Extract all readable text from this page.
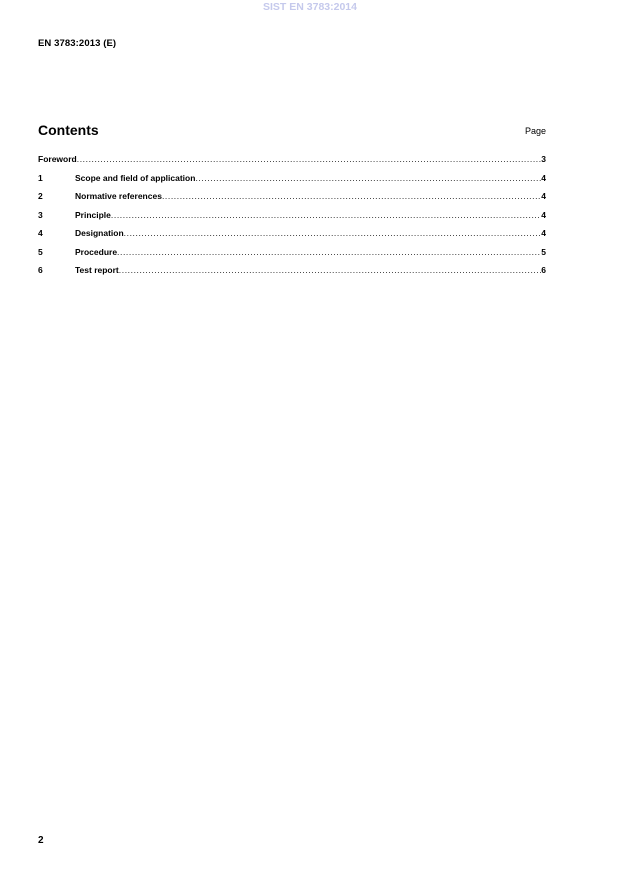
SIST EN 3783:2014
EN 3783:2013 (E)
Contents	Page
Foreword .....	3
1	Scope and field of application .....	4
2	Normative references .....	4
3	Principle .....	4
4	Designation .....	4
5	Procedure .....	5
6	Test report .....	6
2
